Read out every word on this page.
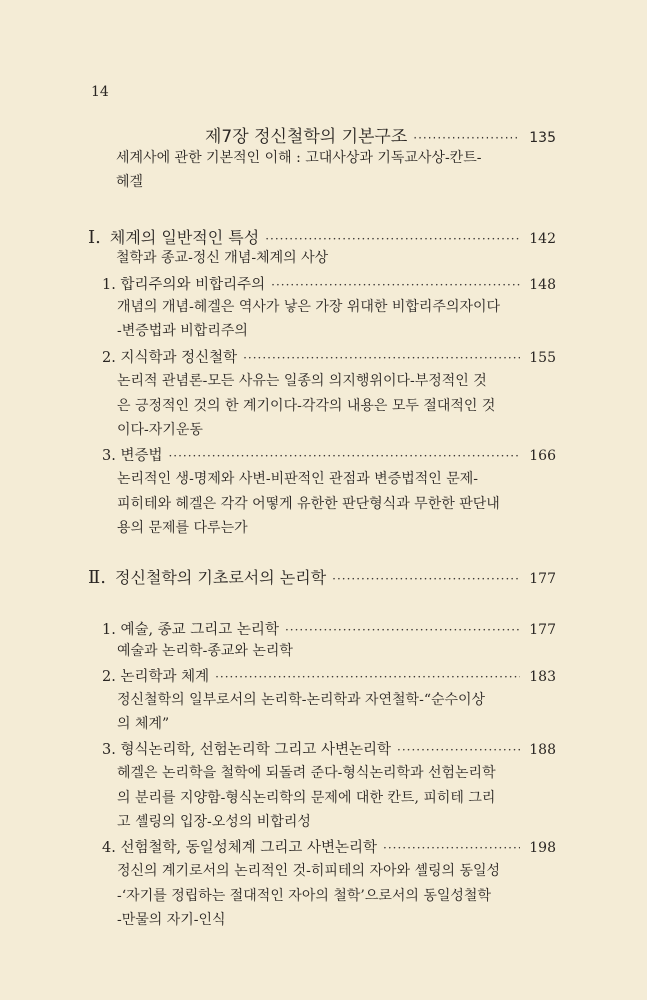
14
제7장 정신철학의 기본구조 ·····	135
세계사에 관한 기본적인 이해 : 고대사상과 기독교사상-칸트-
헤겔
Ⅰ. 체계의 일반적인 특성 ·····	142
철학과 종교-정신 개념-체계의 사상
1. 합리주의와 비합리주의 ·····	148
개념의 개념-헤겔은 역사가 낳은 가장 위대한 비합리주의자이다
-변증법과 비합리주의
2. 지식학과 정신철학 ·····	155
논리적 관념론-모든 사유는 일종의 의지행위이다-부정적인 것
은 긍정적인 것의 한 계기이다-각각의 내용은 모두 절대적인 것
이다-자기운동
3. 변증법 ·····	166
논리적인 생-명제와 사변-비판적인 관점과 변증법적인 문제-
피히테와 헤겔은 각각 어떻게 유한한 판단형식과 무한한 판단내
용의 문제를 다루는가
Ⅱ. 정신철학의 기초로서의 논리학 ·····	177
1. 예술, 종교 그리고 논리학 ·····	177
예술과 논리학-종교와 논리학
2. 논리학과 체계 ·····	183
정신철학의 일부로서의 논리학-논리학과 자연철학-“순수이상
의 체계”
3. 형식논리학, 선험논리학 그리고 사변논리학 ·····	188
헤겔은 논리학을 철학에 되돌려 준다-형식논리학과 선험논리학
의 분리를 지양함-형식논리학의 문제에 대한 칸트, 피히테 그리
고 셸링의 입장-오성의 비합리성
4. 선험철학, 동일성체계 그리고 사변논리학 ·····	198
정신의 계기로서의 논리적인 것-히피테의 자아와 셸링의 동일성
-‘자기를 정립하는 절대적인 자아의 철학’으로서의 동일성철학
-만물의 자기-인식
